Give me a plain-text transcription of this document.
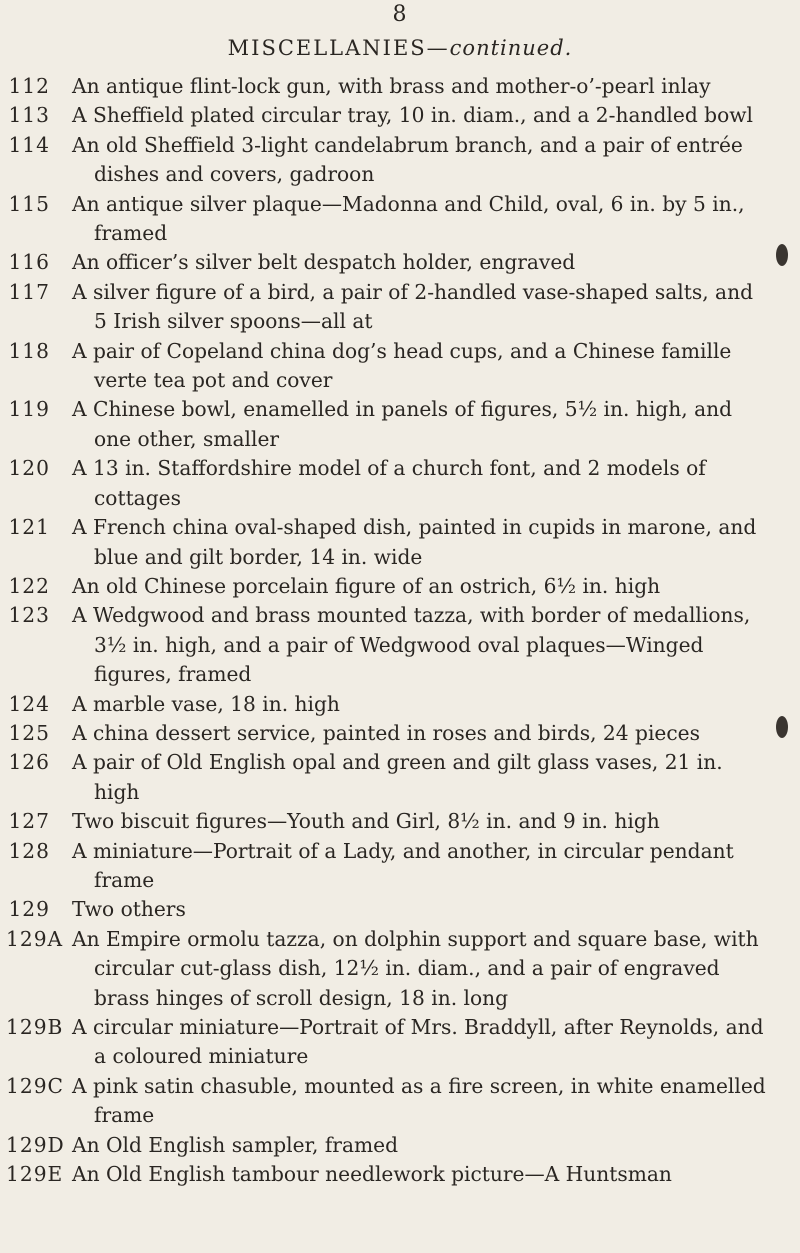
8
MISCELLANIES—continued.
112 An antique flint-lock gun, with brass and mother-o’-pearl inlay
113 A Sheffield plated circular tray, 10 in. diam., and a 2-handled bowl
114 An old Sheffield 3-light candelabrum branch, and a pair of entrée dishes and covers, gadroon
115 An antique silver plaque—Madonna and Child, oval, 6 in. by 5 in., framed
116 An officer’s silver belt despatch holder, engraved
117 A silver figure of a bird, a pair of 2-handled vase-shaped salts, and 5 Irish silver spoons—all at
118 A pair of Copeland china dog’s head cups, and a Chinese famille verte tea pot and cover
119 A Chinese bowl, enamelled in panels of figures, 5½ in. high, and one other, smaller
120 A 13 in. Staffordshire model of a church font, and 2 models of cottages
121 A French china oval-shaped dish, painted in cupids in marone, and blue and gilt border, 14 in. wide
122 An old Chinese porcelain figure of an ostrich, 6½ in. high
123 A Wedgwood and brass mounted tazza, with border of medallions, 3½ in. high, and a pair of Wedgwood oval plaques—Winged figures, framed
124 A marble vase, 18 in. high
125 A china dessert service, painted in roses and birds, 24 pieces
126 A pair of Old English opal and green and gilt glass vases, 21 in. high
127 Two biscuit figures—Youth and Girl, 8½ in. and 9 in. high
128 A miniature—Portrait of a Lady, and another, in circular pendant frame
129 Two others
129A An Empire ormolu tazza, on dolphin support and square base, with circular cut-glass dish, 12½ in. diam., and a pair of engraved brass hinges of scroll design, 18 in. long
129B A circular miniature—Portrait of Mrs. Braddyll, after Reynolds, and a coloured miniature
129C A pink satin chasuble, mounted as a fire screen, in white enamelled frame
129D An Old English sampler, framed
129E An Old English tambour needlework picture—A Huntsman
